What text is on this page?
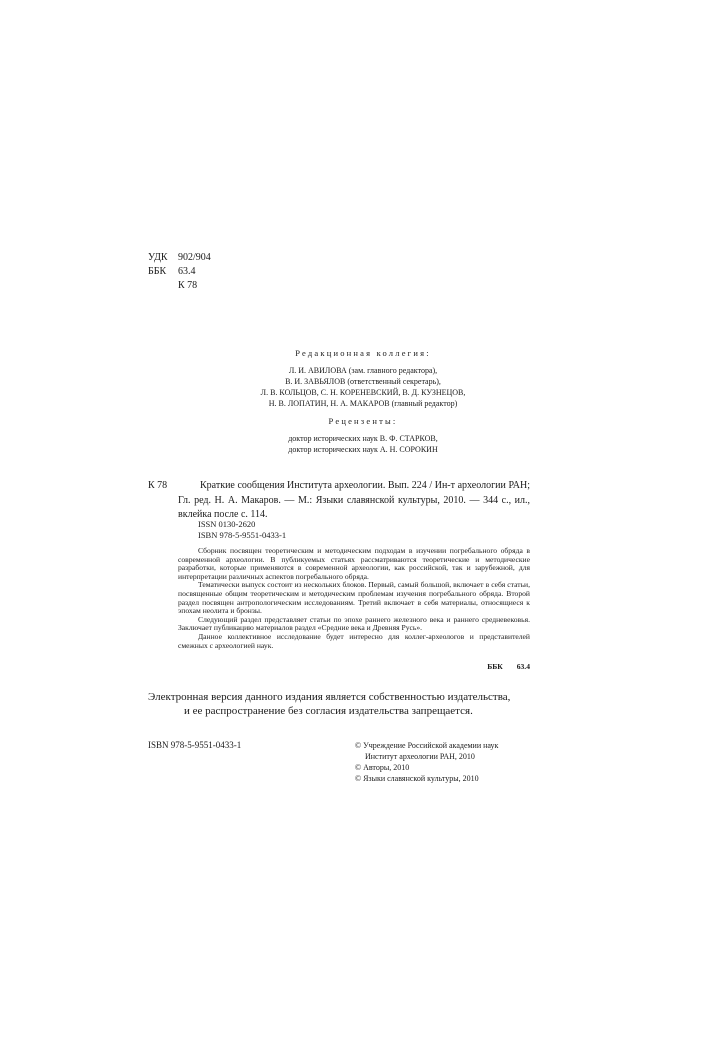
УДК	902/904
ББК	63.4
К 78
Редакционная коллегия:
Л. И. АВИЛОВА (зам. главного редактора),
В. И. ЗАВЬЯЛОВ (ответственный секретарь),
Л. В. КОЛЬЦОВ, С. Н. КОРЕНЕВСКИЙ, В. Д. КУЗНЕЦОВ,
Н. В. ЛОПАТИН, Н. А. МАКАРОВ (главный редактор)
Рецензенты:
доктор исторических наук В. Ф. СТАРКОВ,
доктор исторических наук А. Н. СОРОКИН
К 78	Краткие сообщения Института археологии. Вып. 224 / Ин-т археологии РАН; Гл. ред. Н. А. Макаров. — М.: Языки славянской культуры, 2010. — 344 с., ил., вклейка после с. 114.
ISSN 0130-2620
ISBN 978-5-9551-0433-1

Сборник посвящен теоретическим и методическим подходам в изучении погребального обряда в современной археологии. В публикуемых статьях рассматриваются теоретические и методические разработки, которые применяются в современной археологии, как российской, так и зарубежной, для интерпретации различных аспектов погребального обряда.

Тематически выпуск состоит из нескольких блоков. Первый, самый большой, включает в себя статьи, посвященные общим теоретическим и методическим проблемам изучения погребального обряда. Второй раздел посвящен антропологическим исследованиям. Третий включает в себя материалы, относящиеся к эпохам неолита и бронзы.

Следующий раздел представляет статьи по эпохе раннего железного века и раннего средневековья. Заключает публикацию материалов раздел «Средние века и Древняя Русь».

Данное коллективное исследование будет интересно для коллег-археологов и представителей смежных с археологией наук.

ББК 63.4
Электронная версия данного издания является собственностью издательства,
и ее распространение без согласия издательства запрещается.
ISBN 978-5-9551-0433-1	© Учреждение Российской академии наук
Институт археологии РАН, 2010
© Авторы, 2010
© Языки славянской культуры, 2010
